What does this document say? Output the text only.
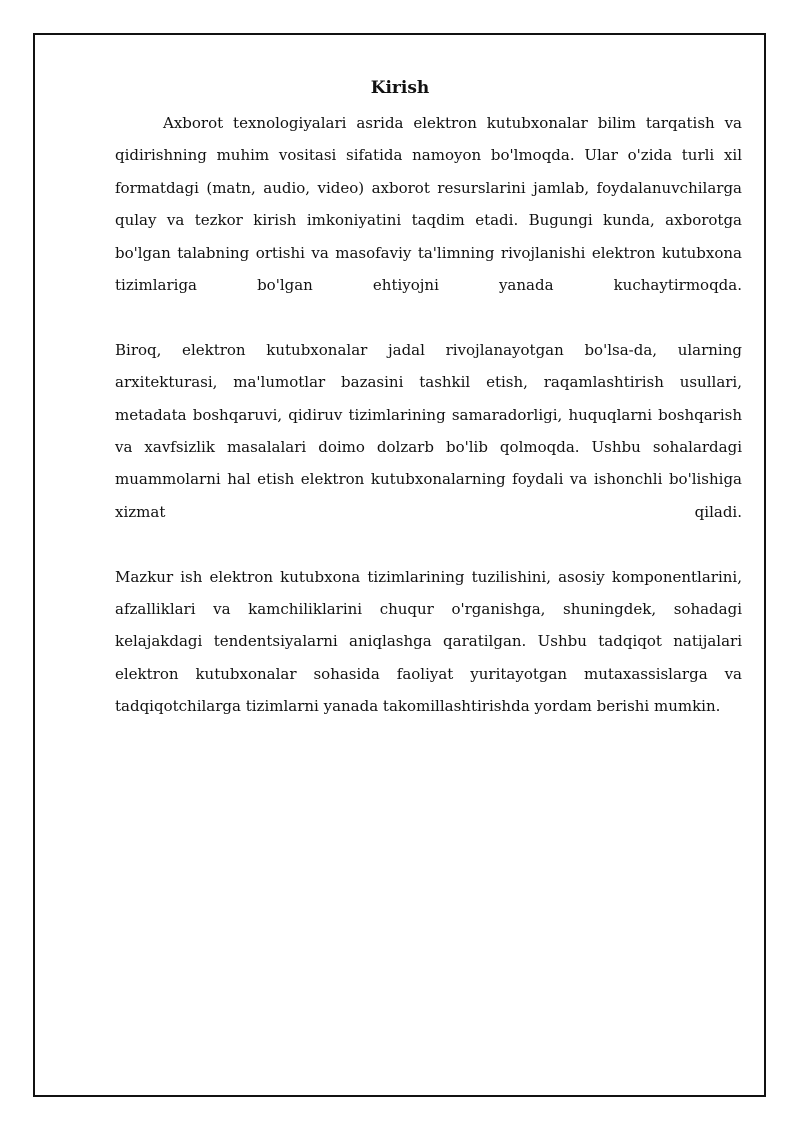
Kirish

Axborot texnologiyalari asrida elektron kutubxonalar bilim tarqatish va qidirishning muhim vositasi sifatida namoyon bo'lmoqda. Ular o'zida turli xil formatdagi (matn, audio, video) axborot resurslarini jamlab, foydalanuvchilarga qulay va tezkor kirish imkoniyatini taqdim etadi. Bugungi kunda, axborotga bo'lgan talabning ortishi va masofaviy ta'limning rivojlanishi elektron kutubxona tizimlariga bo'lgan ehtiyojni yanada kuchaytirmoqda.

Biroq, elektron kutubxonalar jadal rivojlanayotgan bo'lsa-da, ularning arxitekturasi, ma'lumotlar bazasini tashkil etish, raqamlashtirish usullari, metadata boshqaruvi, qidiruv tizimlarining samaradorligi, huquqlarni boshqarish va xavfsizlik masalalari doimo dolzarb bo'lib qolmoqda. Ushbu sohalardagi muammolarni hal etish elektron kutubxonalarning foydali va ishonchli bo'lishiga xizmat qiladi.

Mazkur ish elektron kutubxona tizimlarining tuzilishini, asosiy komponentlarini, afzalliklari va kamchiliklarini chuqur o'rganishga, shuningdek, sohadagi kelajakdagi tendentsiyalarni aniqlashga qaratilgan. Ushbu tadqiqot natijalari elektron kutubxonalar sohasida faoliyat yuritayotgan mutaxassislarga va tadqiqotchilarga tizimlarni yanada takomillashtirishda yordam berishi mumkin.
